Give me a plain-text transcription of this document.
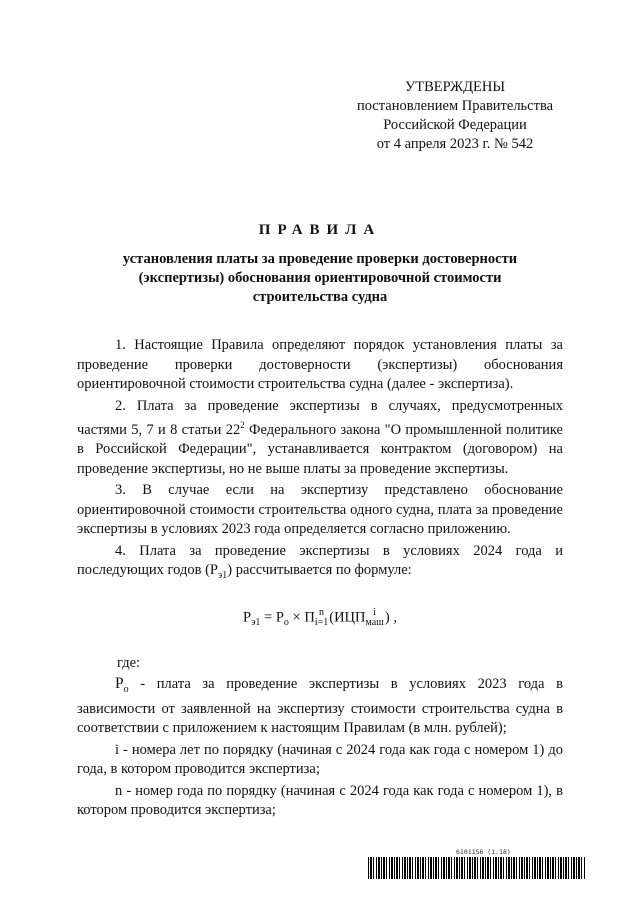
УТВЕРЖДЕНЫ
постановлением Правительства
Российской Федерации
от 4 апреля 2023 г. № 542
ПРАВИЛА
установления платы за проведение проверки достоверности
(экспертизы) обоснования ориентировочной стоимости
строительства судна

1. Настоящие Правила определяют порядок установления платы за проведение проверки достоверности (экспертизы) обоснования ориентировочной стоимости строительства судна (далее - экспертиза).

2. Плата за проведение экспертизы в случаях, предусмотренных частями 5, 7 и 8 статьи $22^2$ Федерального закона "О промышленной политике в Российской Федерации", устанавливается контрактом (договором) на проведение экспертизы, но не выше платы за проведение экспертизы.

3. В случае если на экспертизу представлено обоснование ориентировочной стоимости строительства одного судна, плата за проведение экспертизы в условиях 2023 года определяется согласно приложению.

4. Плата за проведение экспертизы в условиях 2024 года и последующих годов $(P_{э1})$ рассчитывается по формуле:

$P_{э1} = P_о \times \Pi$ n
i=1 (ИЦП i
маш ) ,
где:

$P_о$ - плата за проведение экспертизы в условиях 2023 года в зависимости от заявленной на экспертизу стоимости строительства судна в соответствии с приложением к настоящим Правилам (в млн. рублей);

i - номера лет по порядку (начиная с 2024 года как года с номером 1) до года, в котором проводится экспертиза;

n - номер года по порядку (начиная с 2024 года как года с номером 1), в котором проводится экспертиза;

6101156 (1.18)
